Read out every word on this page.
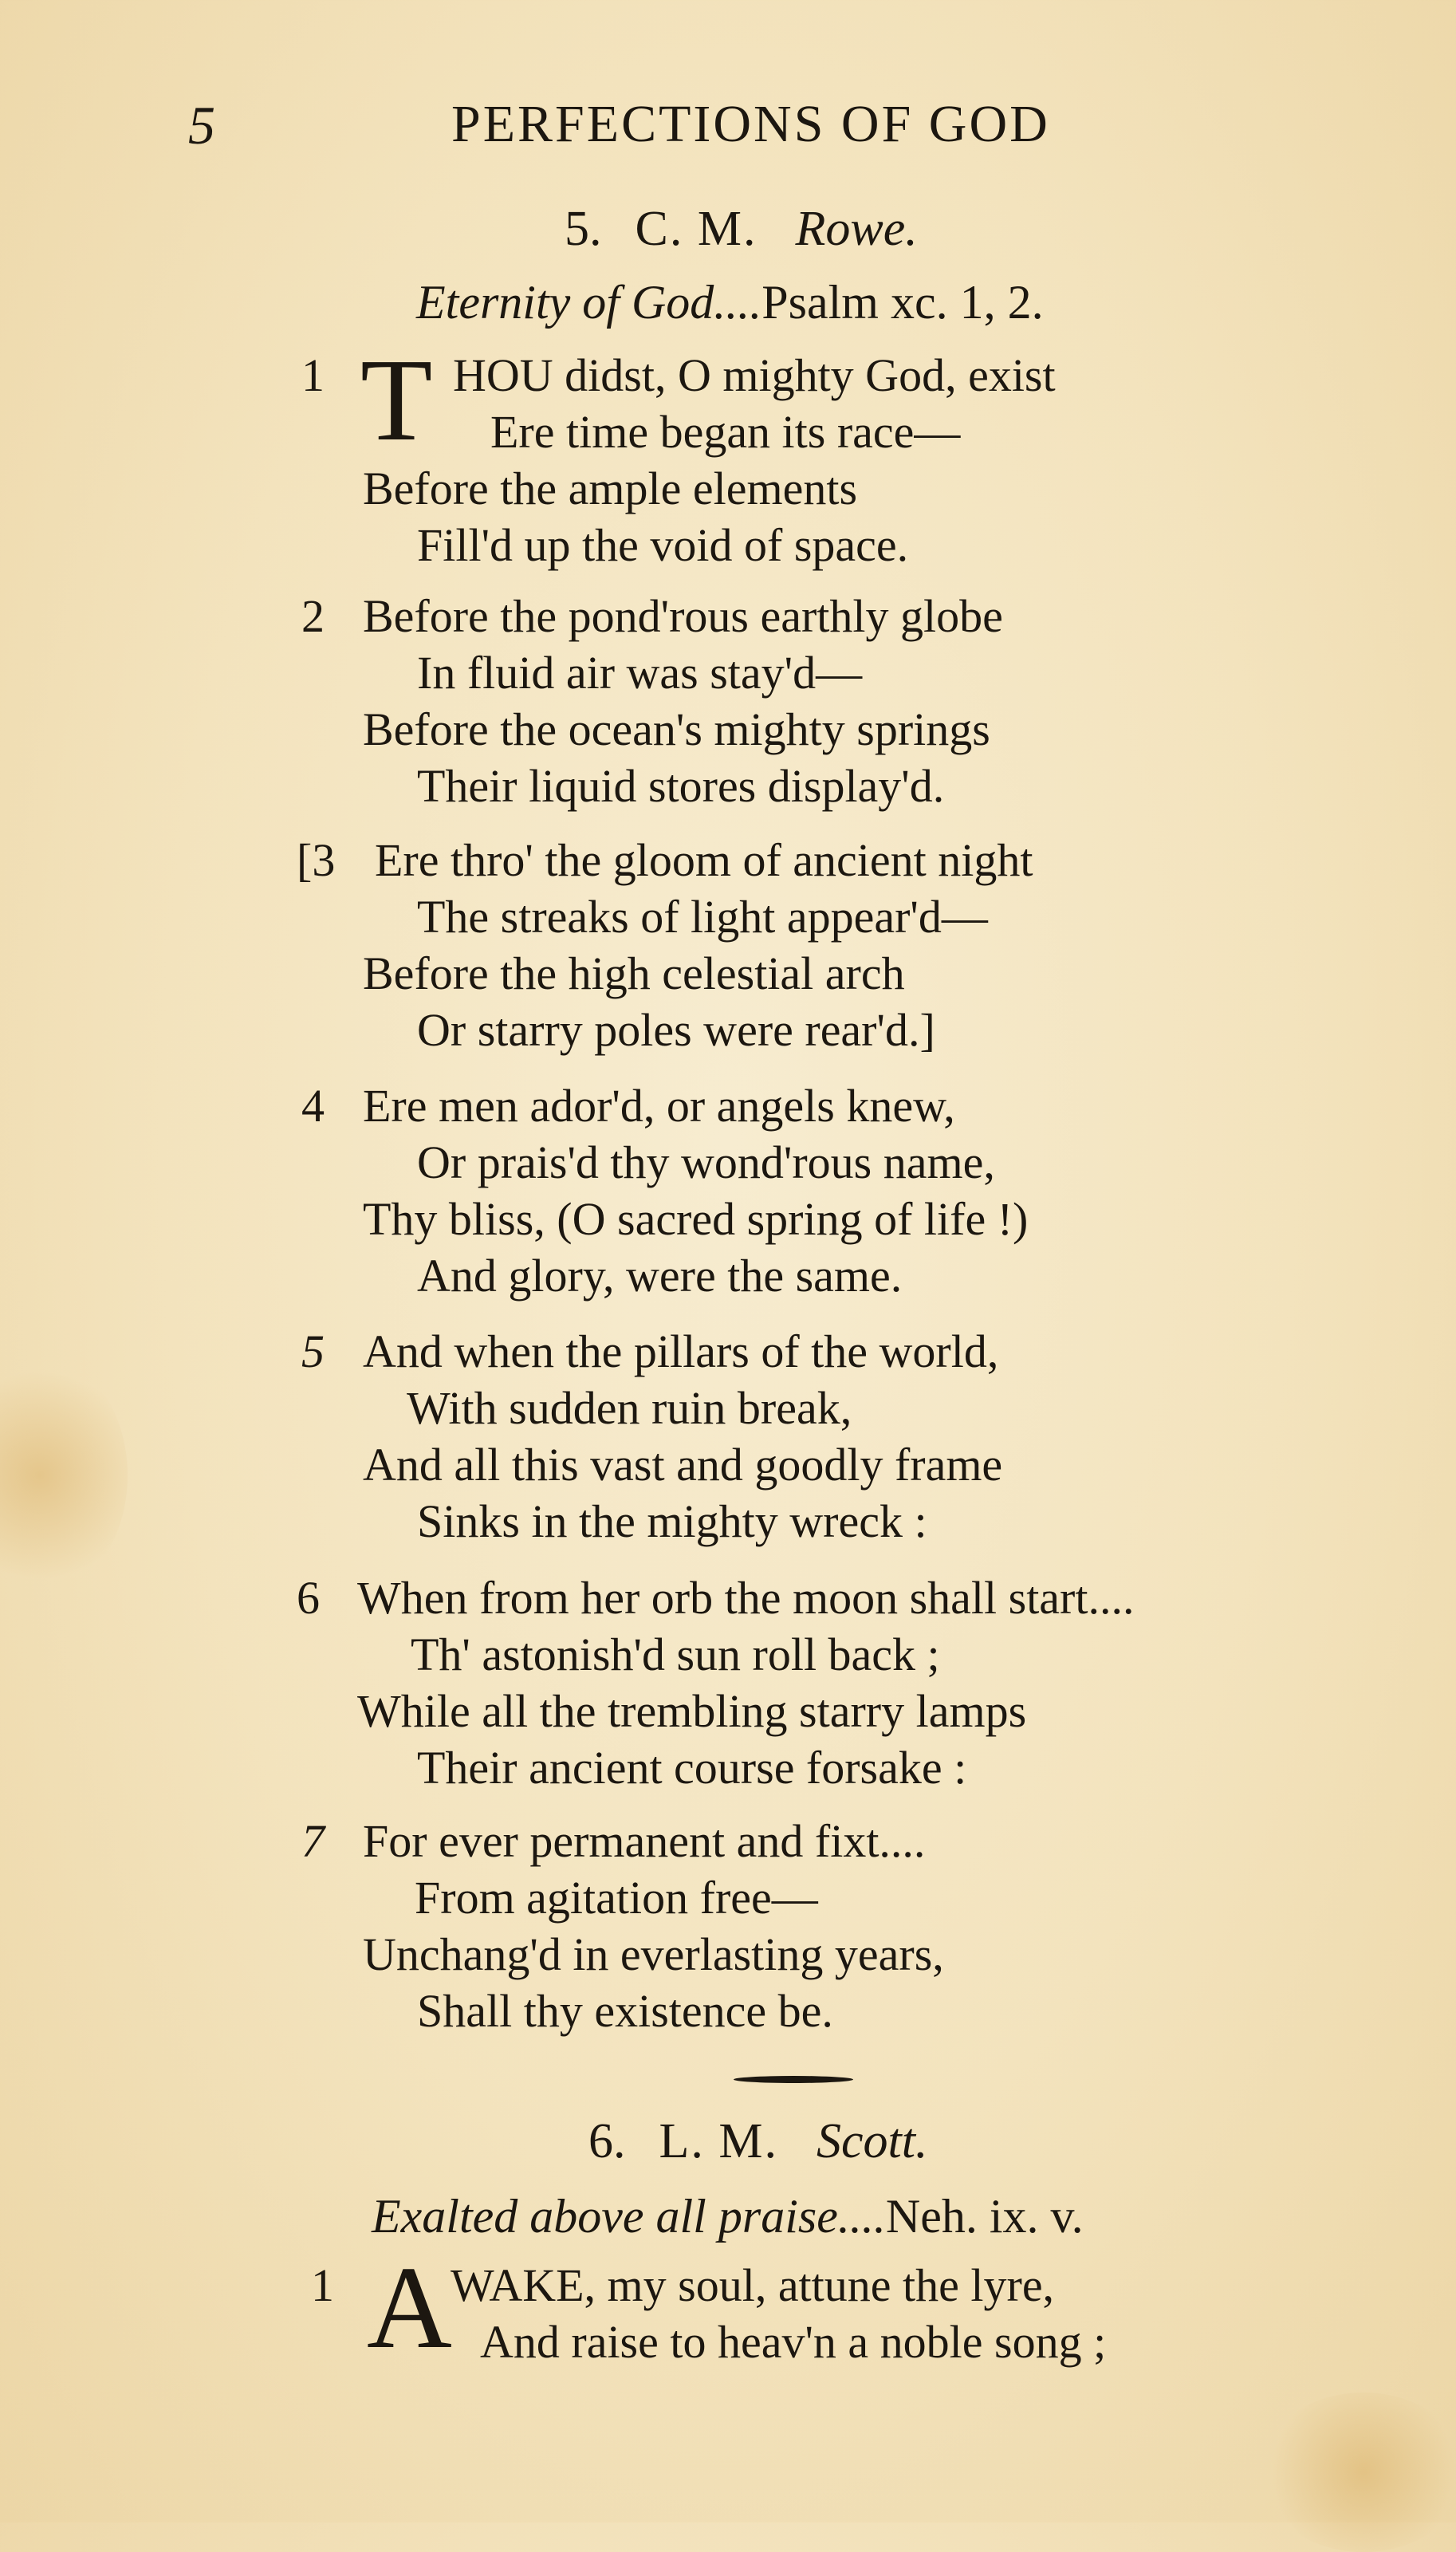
5	PERFECTIONS OF GOD
5. C. M. Rowe.
Eternity of God....Psalm xc. 1, 2.
1 T HOU didst, O mighty God, exist
Ere time began its race—
Before the ample elements
Fill'd up the void of space.
2 Before the pond'rous earthly globe
In fluid air was stay'd—
Before the ocean's mighty springs
Their liquid stores display'd.
[3 Ere thro' the gloom of ancient night
The streaks of light appear'd—
Before the high celestial arch
Or starry poles were rear'd.]
4 Ere men ador'd, or angels knew,
Or prais'd thy wond'rous name,
Thy bliss, (O sacred spring of life !)
And glory, were the same.
5 And when the pillars of the world,
With sudden ruin break,
And all this vast and goodly frame
Sinks in the mighty wreck :
6 When from her orb the moon shall start....
Th' astonish'd sun roll back ;
While all the trembling starry lamps
Their ancient course forsake :
7 For ever permanent and fixt....
From agitation free—
Unchang'd in everlasting years,
Shall thy existence be.
6. L. M. Scott.
Exalted above all praise....Neh. ix. v.
1 A
WAKE, my soul, attune the lyre,
And raise to heav'n a noble song ;
